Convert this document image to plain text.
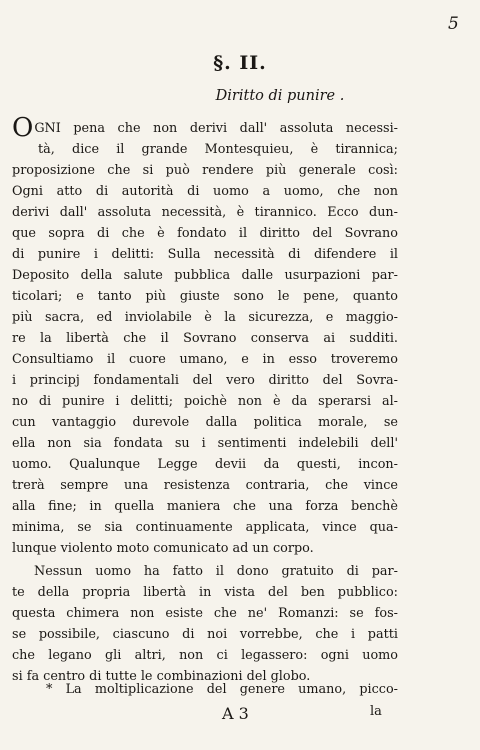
5

§. II.

Diritto di punire .

O GNI pena che non derivi dall' assoluta necessi-
tà, dice il grande Montesquieu, è tirannica;
proposizione che si può rendere più generale così:
Ogni atto di autorità di uomo a uomo, che non
derivi dall' assoluta necessità, è tirannico. Ecco dun-
que sopra di che è fondato il diritto del Sovrano
di punire i delitti: Sulla necessità di difendere il
Deposito della salute pubblica dalle usurpazioni par-
ticolari; e tanto più giuste sono le pene, quanto
più sacra, ed inviolabile è la sicurezza, e maggio-
re la libertà che il Sovrano conserva ai sudditi.
Consultiamo il cuore umano, e in esso troveremo
i principj fondamentali del vero diritto del Sovra-
no di punire i delitti; poichè non è da sperarsi al-
cun vantaggio durevole dalla politica morale, se
ella non sia fondata su i sentimenti indelebili dell'
uomo. Qualunque Legge devii da questi, incon-
trerà sempre una resistenza contraria, che vince
alla fine; in quella maniera che una forza benchè
minima, se sia continuamente applicata, vince qua-
lunque violento moto comunicato ad un corpo.
Nessun uomo ha fatto il dono gratuito di par-
te della propria libertà in vista del ben pubblico:
questa chimera non esiste che ne' Romanzi: se fos-
se possibile, ciascuno di noi vorrebbe, che i patti
che legano gli altri, non ci legassero: ogni uomo
si fa centro di tutte le combinazioni del globo.
* La moltiplicazione del genere umano, picco-

A 3	la
